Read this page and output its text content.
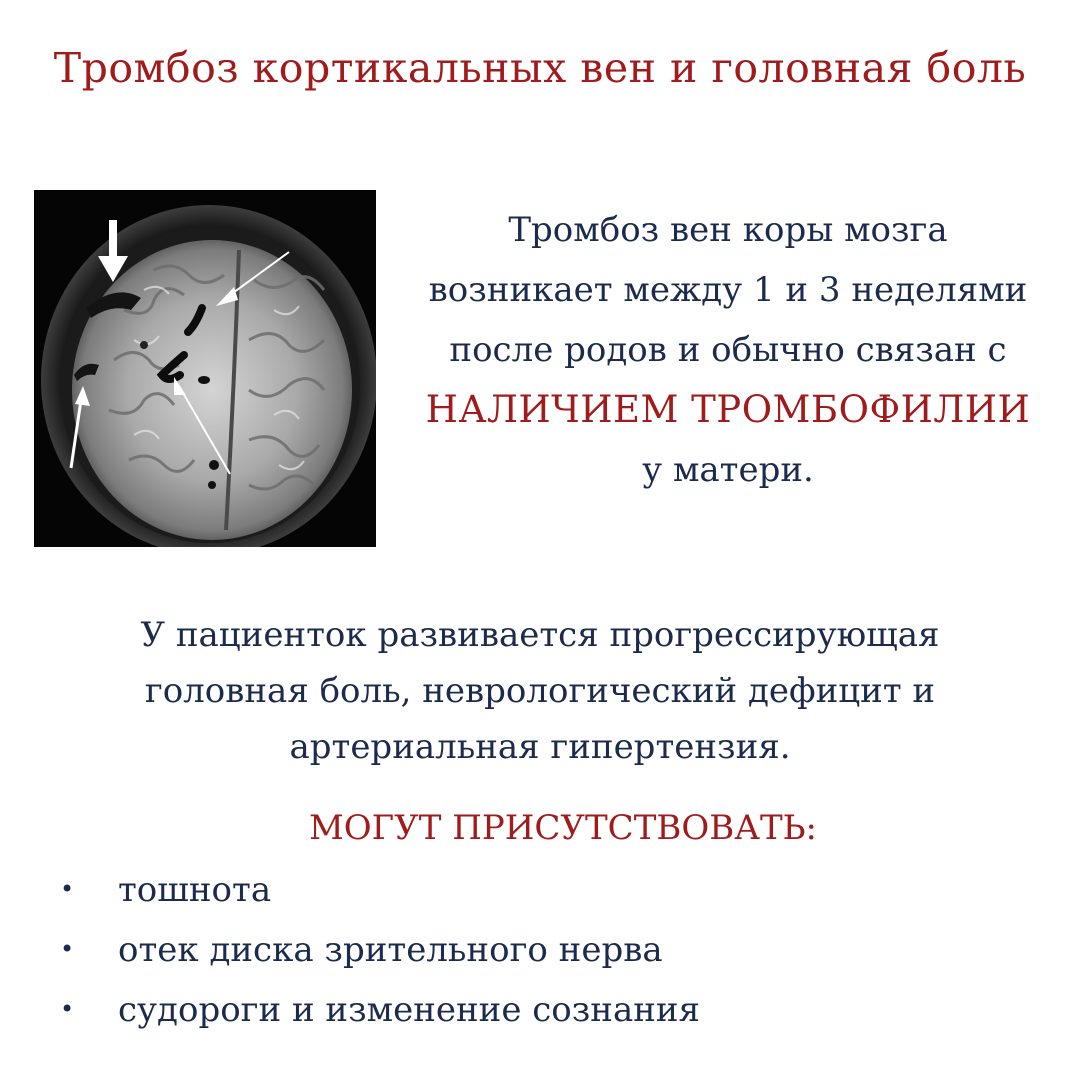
Тромбоз кортикальных вен и головная боль
Тромбоз вен коры мозга
возникает между 1 и 3 неделями
после родов и обычно связан с
НАЛИЧИЕМ ТРОМБОФИЛИИ
у матери.
У пациенток развивается прогрессирующая
головная боль, неврологический дефицит и
артериальная гипертензия.
МОГУТ ПРИСУТСТВОВАТЬ:
•	тошнота
•	отек диска зрительного нерва
•	судороги и изменение сознания
